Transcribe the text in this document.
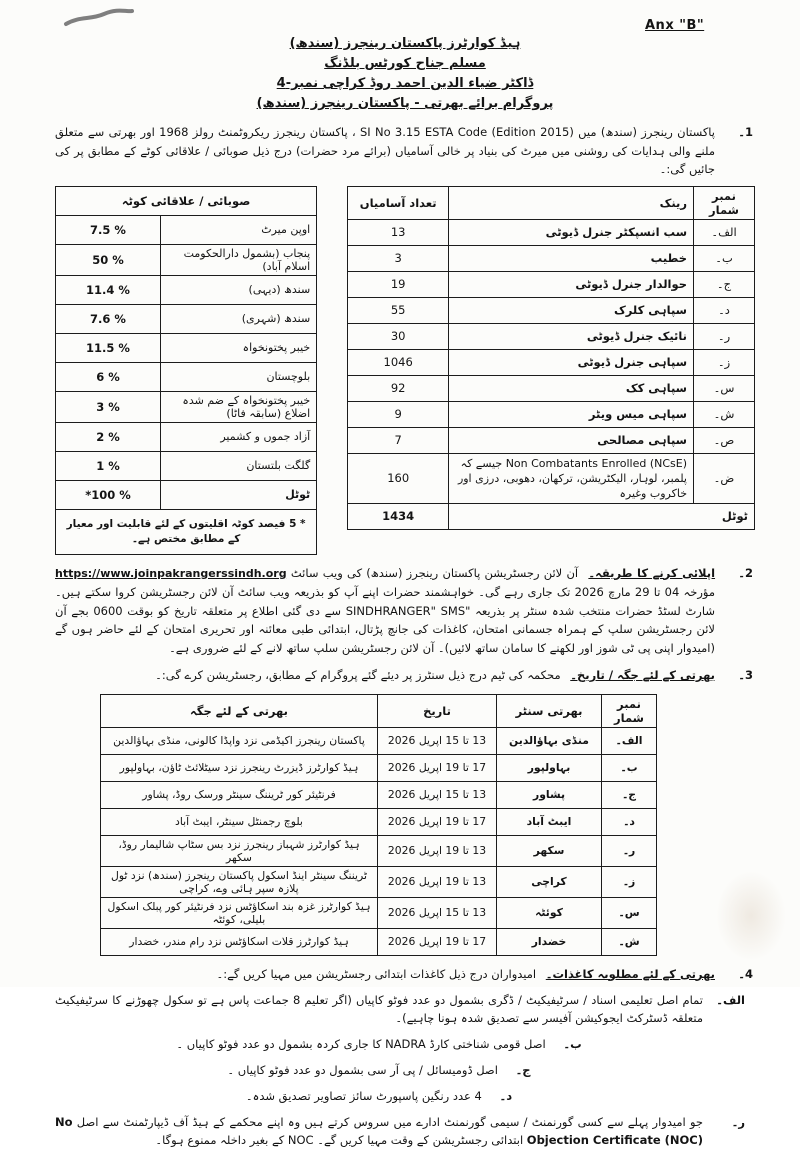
Anx "B"
ہیڈ کوارٹرز پاکستان رینجرز (سندھ)
مسلم جناح کورٹس بلڈنگ
ڈاکٹر ضیاء الدین احمد روڈ کراچی نمبر-4
پروگرام برائے بھرتی - پاکستان رینجرز (سندھ)
1۔
پاکستان رینجرز (سندھ) میں SI No 3.15 ESTA Code (Edition 2015) ، پاکستان رینجرز ریکروٹمنٹ رولز 1968 اور بھرتی سے متعلق ملنے والی ہدایات کی روشنی میں میرٹ کی بنیاد پر خالی آسامیاں (برائے مرد حضرات) درج ذیل صوبائی / علاقائی کوٹے کے مطابق پر کی جائیں گی:۔
نمبر شمار	رینک	تعداد آسامیاں
الف۔	سب انسپکٹر جنرل ڈیوٹی	13
ب۔	خطیب	3
ج۔	حوالدار جنرل ڈیوٹی	19
د۔	سپاہی کلرک	55
ر۔	نائیک جنرل ڈیوٹی	30
ز۔	سپاہی جنرل ڈیوٹی	1046
س۔	سپاہی کک	92
ش۔	سپاہی میس ویٹر	9
ص۔	سپاہی مصالحی	7
ض۔	Non Combatants Enrolled (NCsE) جیسے کہ پلمبر، لوہار، الیکٹریشن، ترکھان، دھوبی، درزی اور خاکروب وغیرہ	160
ٹوٹل		1434
صوبائی / علاقائی کوٹہ	
اوپن میرٹ	7.5 %
پنجاب (بشمول دارالحکومت اسلام آباد)	50 %
سندھ (دیہی)	11.4 %
سندھ (شہری)	7.6 %
خیبر پختونخواہ	11.5 %
بلوچستان	6 %
خیبر پختونخواہ کے ضم شدہ اضلاع (سابقہ فاٹا)	3 %
آزاد جموں و کشمیر	2 %
گلگت بلتستان	1 %
ٹوٹل	*100 %
* 5 فیصد کوٹہ اقلیتوں کے لئے قابلیت اور معیار کے مطابق مختص ہے۔	
2۔
اپلائی کرنے کا طریقہ۔ آن لائن رجسٹریشن پاکستان رینجرز (سندھ) کی ویب سائٹ https://www.joinpakrangerssindh.org مؤرخہ 04 تا 29 مارچ 2026 تک جاری رہے گی۔ خواہشمند حضرات اپنے آپ کو بذریعہ ویب سائٹ آن لائن رجسٹریشن کروا سکتے ہیں۔ شارٹ لسٹڈ حضرات منتخب شدہ سنٹر پر بذریعہ "SINDHRANGER" SMS سے دی گئی اطلاع پر متعلقہ تاریخ کو بوقت 0600 بجے آن لائن رجسٹریشن سلپ کے ہمراہ جسمانی امتحان، کاغذات کی جانچ پڑتال، ابتدائی طبی معائنہ اور تحریری امتحان کے لئے حاضر ہوں گے (امیدوار اپنی پی ٹی شوز اور لکھنے کا سامان ساتھ لائیں)۔ آن لائن رجسٹریشن سلپ ساتھ لانے کے لئے ضروری ہے۔
3۔
بھرتی کے لئے جگہ / تاریخ۔ محکمہ کی ٹیم درج ذیل سنٹرز پر دیئے گئے پروگرام کے مطابق، رجسٹریشن کرے گی:۔
نمبر شمار	بھرتی سنٹر	تاریخ	بھرتی کے لئے جگہ
الف۔	منڈی بہاؤالدین	13 تا 15 اپریل 2026	پاکستان رینجرز اکیڈمی نزد واپڈا کالونی، منڈی بہاؤالدین
ب۔	بہاولپور	17 تا 19 اپریل 2026	ہیڈ کوارٹرز ڈیزرٹ رینجرز نزد سیٹلائٹ ٹاؤن، بہاولپور
ج۔	پشاور	13 تا 15 اپریل 2026	فرنٹیئر کور ٹریننگ سینٹر ورسک روڈ، پشاور
د۔	ایبٹ آباد	17 تا 19 اپریل 2026	بلوچ رجمنٹل سینٹر، ایبٹ آباد
ر۔	سکھر	13 تا 19 اپریل 2026	ہیڈ کوارٹرز شہباز رینجرز نزد بس سٹاپ شالیمار روڈ، سکھر
ز۔	کراچی	13 تا 19 اپریل 2026	ٹریننگ سینٹر اینڈ اسکول پاکستان رینجرز (سندھ) نزد ٹول پلازہ سپر ہائی وے، کراچی
س۔	کوئٹہ	13 تا 15 اپریل 2026	ہیڈ کوارٹرز غزہ بند اسکاؤٹس نزد فرنٹیئر کور پبلک اسکول بلیلی، کوئٹہ
ش۔	خضدار	17 تا 19 اپریل 2026	ہیڈ کوارٹرز قلات اسکاؤٹس نزد رام مندر، خضدار
4۔
بھرتی کے لئے مطلوبہ کاغذات۔ امیدواران درج ذیل کاغذات ابتدائی رجسٹریشن میں مہیا کریں گے:۔
الف۔
تمام اصل تعلیمی اسناد / سرٹیفیکیٹ / ڈگری بشمول دو عدد فوٹو کاپیاں (اگر تعلیم 8 جماعت پاس ہے تو سکول چھوڑنے کا سرٹیفیکیٹ متعلقہ ڈسٹرکٹ ایجوکیشن آفیسر سے تصدیق شدہ ہونا چاہیے)۔
ب۔ اصل قومی شناختی کارڈ NADRA کا جاری کردہ بشمول دو عدد فوٹو کاپیاں ۔
ج۔ اصل ڈومیسائل / پی آر سی بشمول دو عدد فوٹو کاپیاں ۔
د۔ 4 عدد رنگین پاسپورٹ سائز تصاویر تصدیق شدہ۔
ر۔
جو امیدوار پہلے سے کسی گورنمنٹ / سیمی گورنمنٹ ادارے میں سروس کرتے ہیں وہ اپنے محکمے کے ہیڈ آف ڈیپارٹمنٹ سے اصل No Objection Certificate (NOC) ابتدائی رجسٹریشن کے وقت مہیا کریں گے۔ NOC کے بغیر داخلہ ممنوع ہوگا۔
